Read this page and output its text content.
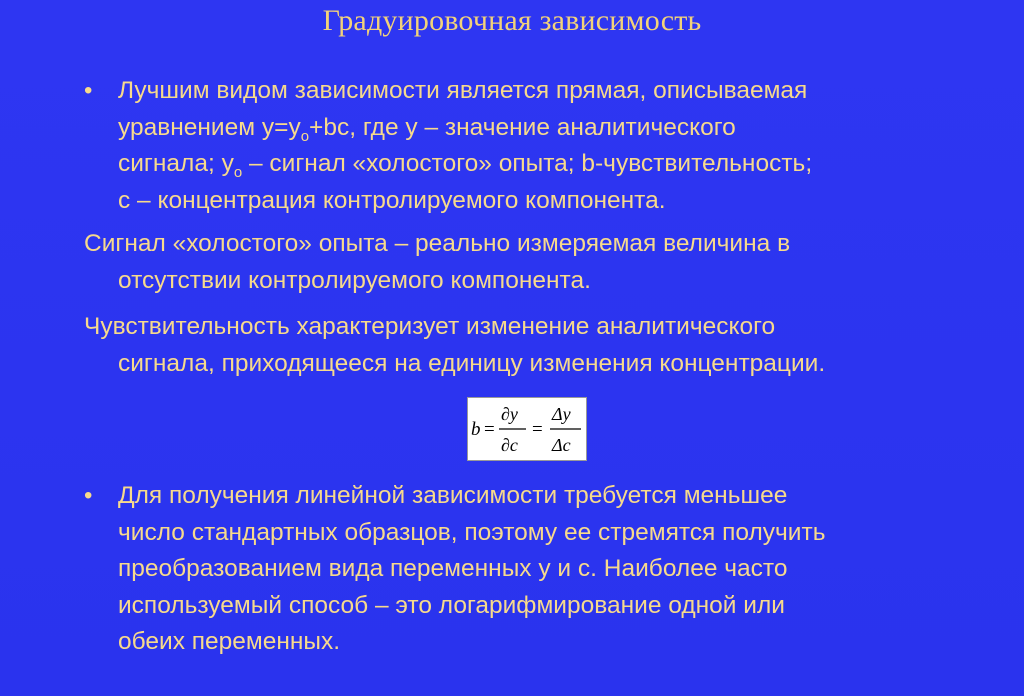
Градуировочная зависимость
• Лучшим видом зависимости является прямая, описываемая
уравнением $y=y_o+bc$, где y – значение аналитического
сигнала; $y_o$ – сигнал «холостого» опыта; b-чувствительность;
c – концентрация контролируемого компонента.
Сигнал «холостого» опыта – реально измеряемая величина в
отсутствии контролируемого компонента.
Чувствительность характеризует изменение аналитического
сигнала, приходящееся на единицу изменения концентрации.
b =
∂y
∂c
=
Δy
Δc
• Для получения линейной зависимости требуется меньшее
число стандартных образцов, поэтому ее стремятся получить
преобразованием вида переменных y и c. Наиболее часто
используемый способ – это логарифмирование одной или
обеих переменных.
